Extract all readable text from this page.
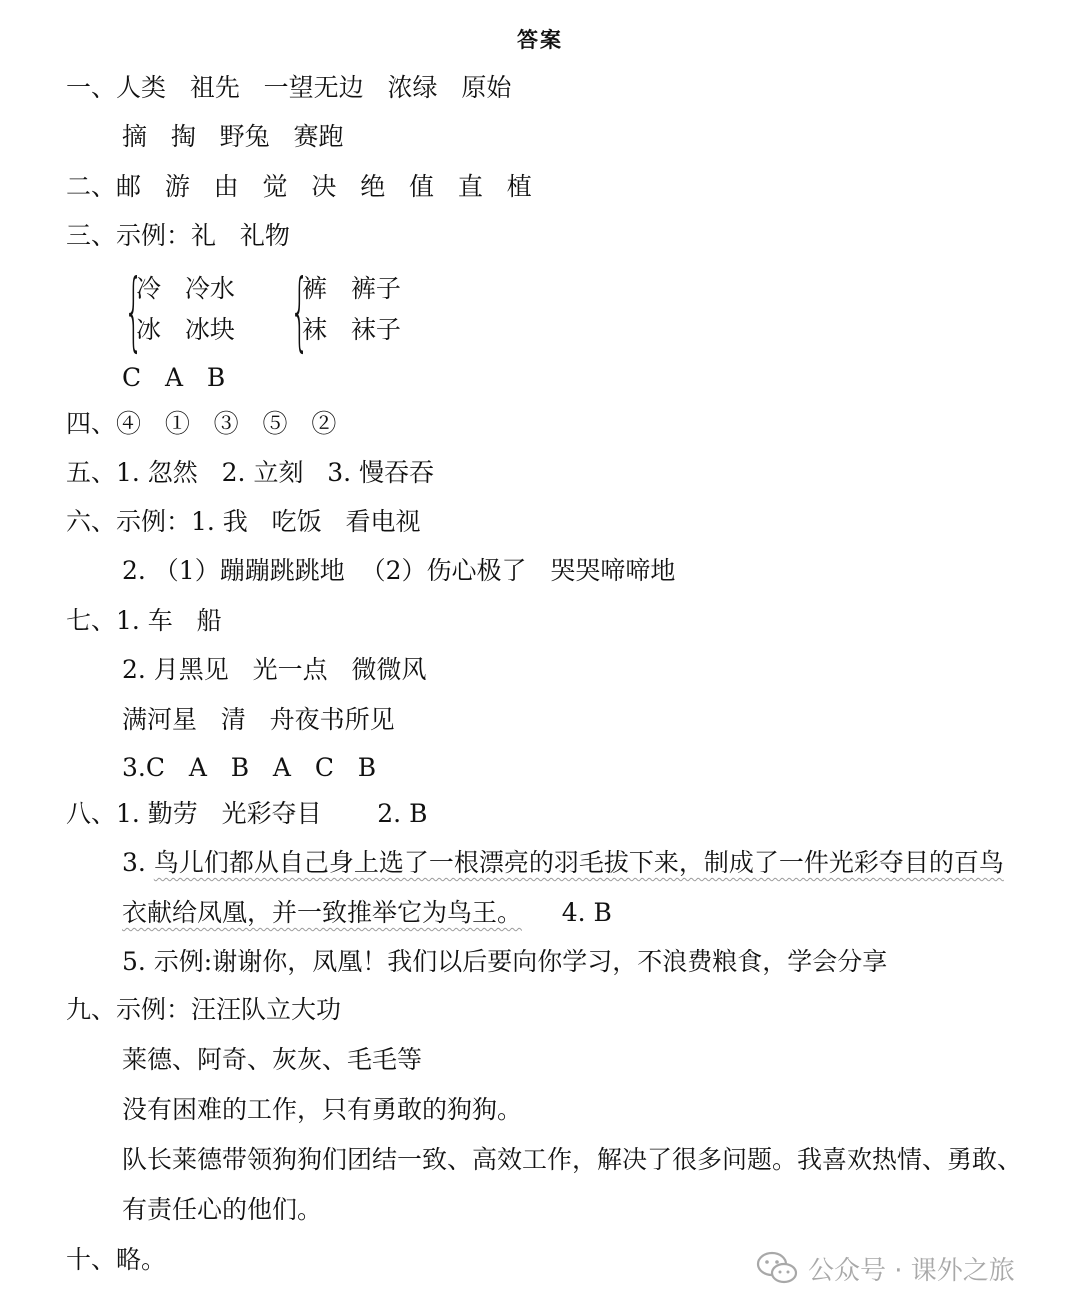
答案
一、人类   祖先   一望无边   浓绿   原始
摘   掏   野兔   赛跑
二、邮   游   由   觉   决   绝   值   直   植
三、示例：礼   礼物
{
冷   冷水
冰   冰块 {
裤   裤子
袜   袜子
C   A   B
四、④   ①   ③   ⑤   ②
五、1. 忽然   2. 立刻   3. 慢吞吞
六、示例：1. 我   吃饭   看电视
2. （1）蹦蹦跳跳地  （2）伤心极了   哭哭啼啼地
七、1. 车   船
2. 月黑见   光一点   微微风
满河星   清   舟夜书所见
3.C   A   B   A   C   B
八、1. 勤劳   光彩夺目       2. B
3. 鸟儿们都从自己身上选了一根漂亮的羽毛拔下来，制成了一件光彩夺目的百鸟
衣献给凤凰，并一致推举它为鸟王。     4. B
5. 示例:谢谢你，凤凰！我们以后要向你学习，不浪费粮食，学会分享
九、示例：汪汪队立大功
莱德、阿奇、灰灰、毛毛等
没有困难的工作，只有勇敢的狗狗。
队长莱德带领狗狗们团结一致、高效工作，解决了很多问题。我喜欢热情、勇敢、
有责任心的他们。
十、略。	公众号 · 课外之旅
